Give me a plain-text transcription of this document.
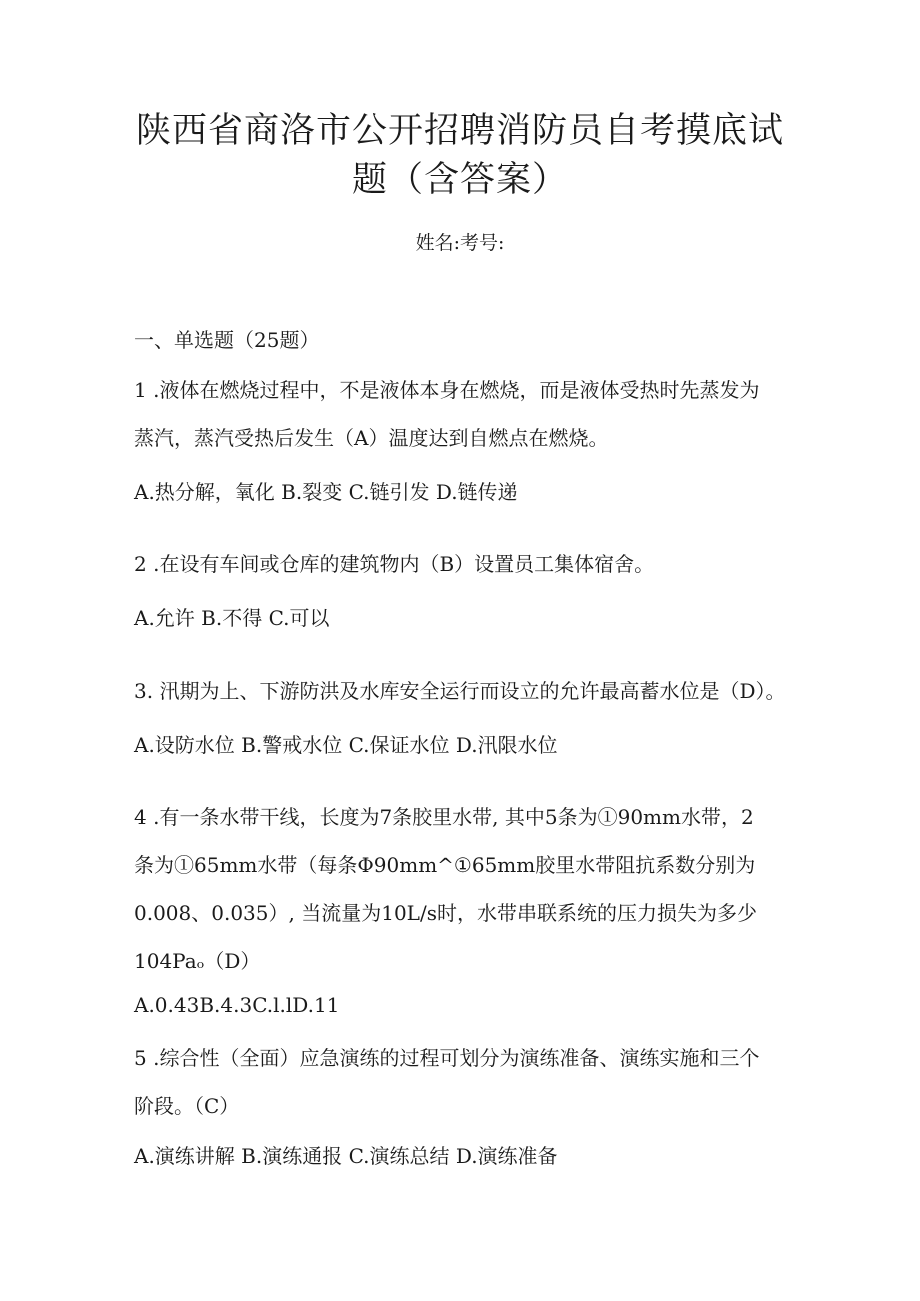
陕西省商洛市公开招聘消防员自考摸底试
题（含答案）
姓名:考号:
一、单选题（25题）
1 .液体在燃烧过程中，不是液体本身在燃烧，而是液体受热时先蒸发为
蒸汽，蒸汽受热后发生（A）温度达到自燃点在燃烧。
A.热分解，氧化 B.裂变 C.链引发 D.链传递
2 .在设有车间或仓库的建筑物内（B）设置员工集体宿舍。
A.允许 B.不得 C.可以
3. 汛期为上、下游防洪及水库安全运行而设立的允许最高蓄水位是（D）。
A.设防水位 B.警戒水位 C.保证水位 D.汛限水位
4 .有一条水带干线，长度为7条胶里水带, 其中5条为①90mm水带，2
条为①65mm水带（每条Φ90mm^①65mm胶里水带阻抗系数分别为
0.008、0.035）, 当流量为10L/s时，水带串联系统的压力损失为多少
104Paₒ（D）
A.0.43B.4.3C.l.lD.11
5 .综合性（全面）应急演练的过程可划分为演练准备、演练实施和三个
阶段。（C）
A.演练讲解 B.演练通报 C.演练总结 D.演练准备
